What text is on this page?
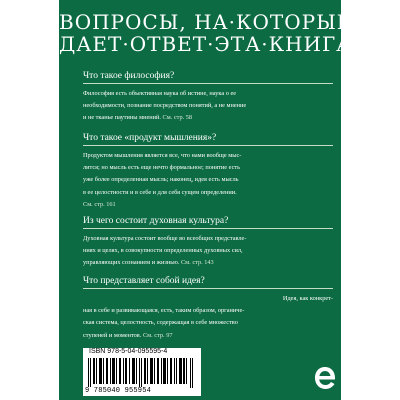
ВОПРОСЫ, НА·КОТОРЫЕ
ДАЕТ·ОТВЕТ·ЭТА·КНИГА
Что такое философия?
Философия есть объективная наука об истине, наука о ее
необходимости, познание посредством понятий, а не мнение
и не тканье паутины мнений. См. стр. 58
Что такое «продукт мышления»?
Продуктом мышления является все, что нами вообще мыс-
лится; но мысль есть еще нечто формальное; понятие есть
уже более определенная мысль; наконец, идея есть мысль
в ее целостности и в себе и для себя сущем определении.
См. стр. 161
Из чего состоит духовная культура?
Духовная культура состоит вообще во всеобщих представле-
ниях и целях, в совокупности определенных духовных сил,
управляющих сознанием и жизнью. См. стр. 143
Что представляет собой идея?
Идея, как конкрет-
ная в себе и развивающаяся, есть, таким образом, органиче-
ская система, целостность, содержащая в себе множество
ступеней и моментов. См. стр. 97
ISBN 978-5-04-095595-4
9 785040 955954
